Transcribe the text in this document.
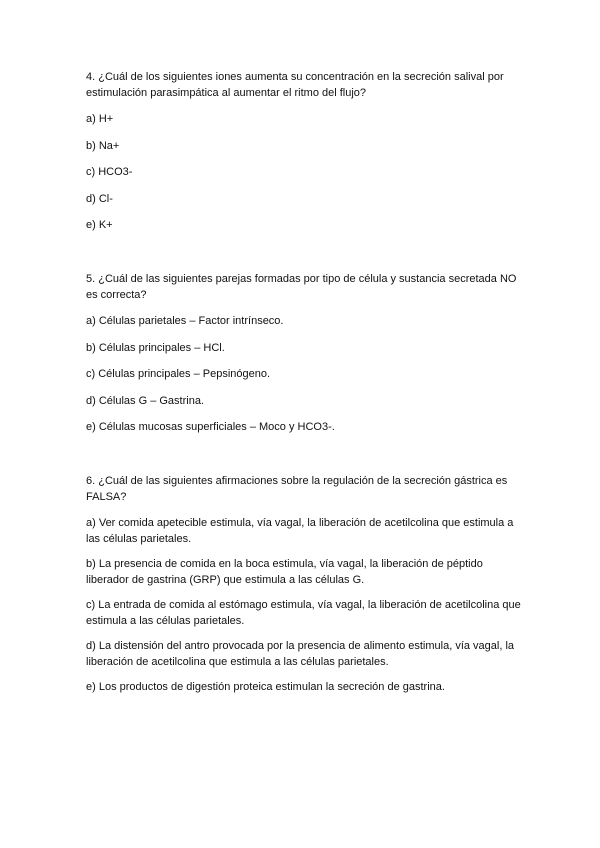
4. ¿Cuál de los siguientes iones aumenta su concentración en la secreción salival por estimulación parasimpática al aumentar el ritmo del flujo?

a) H+

b) Na+

c) HCO3-

d) Cl-

e) K+

5. ¿Cuál de las siguientes parejas formadas por tipo de célula y sustancia secretada NO es correcta?

a) Células parietales – Factor intrínseco.

b) Células principales – HCl.

c) Células principales – Pepsinógeno.

d) Células G – Gastrina.

e) Células mucosas superficiales – Moco y HCO3-.

6. ¿Cuál de las siguientes afirmaciones sobre la regulación de la secreción gástrica es FALSA?

a) Ver comida apetecible estimula, vía vagal, la liberación de acetilcolina que estimula a las células parietales.

b) La presencia de comida en la boca estimula, vía vagal, la liberación de péptido liberador de gastrina (GRP) que estimula a las células G.

c) La entrada de comida al estómago estimula, vía vagal, la liberación de acetilcolina que estimula a las células parietales.

d) La distensión del antro provocada por la presencia de alimento estimula, vía vagal, la liberación de acetilcolina que estimula a las células parietales.

e) Los productos de digestión proteica estimulan la secreción de gastrina.
